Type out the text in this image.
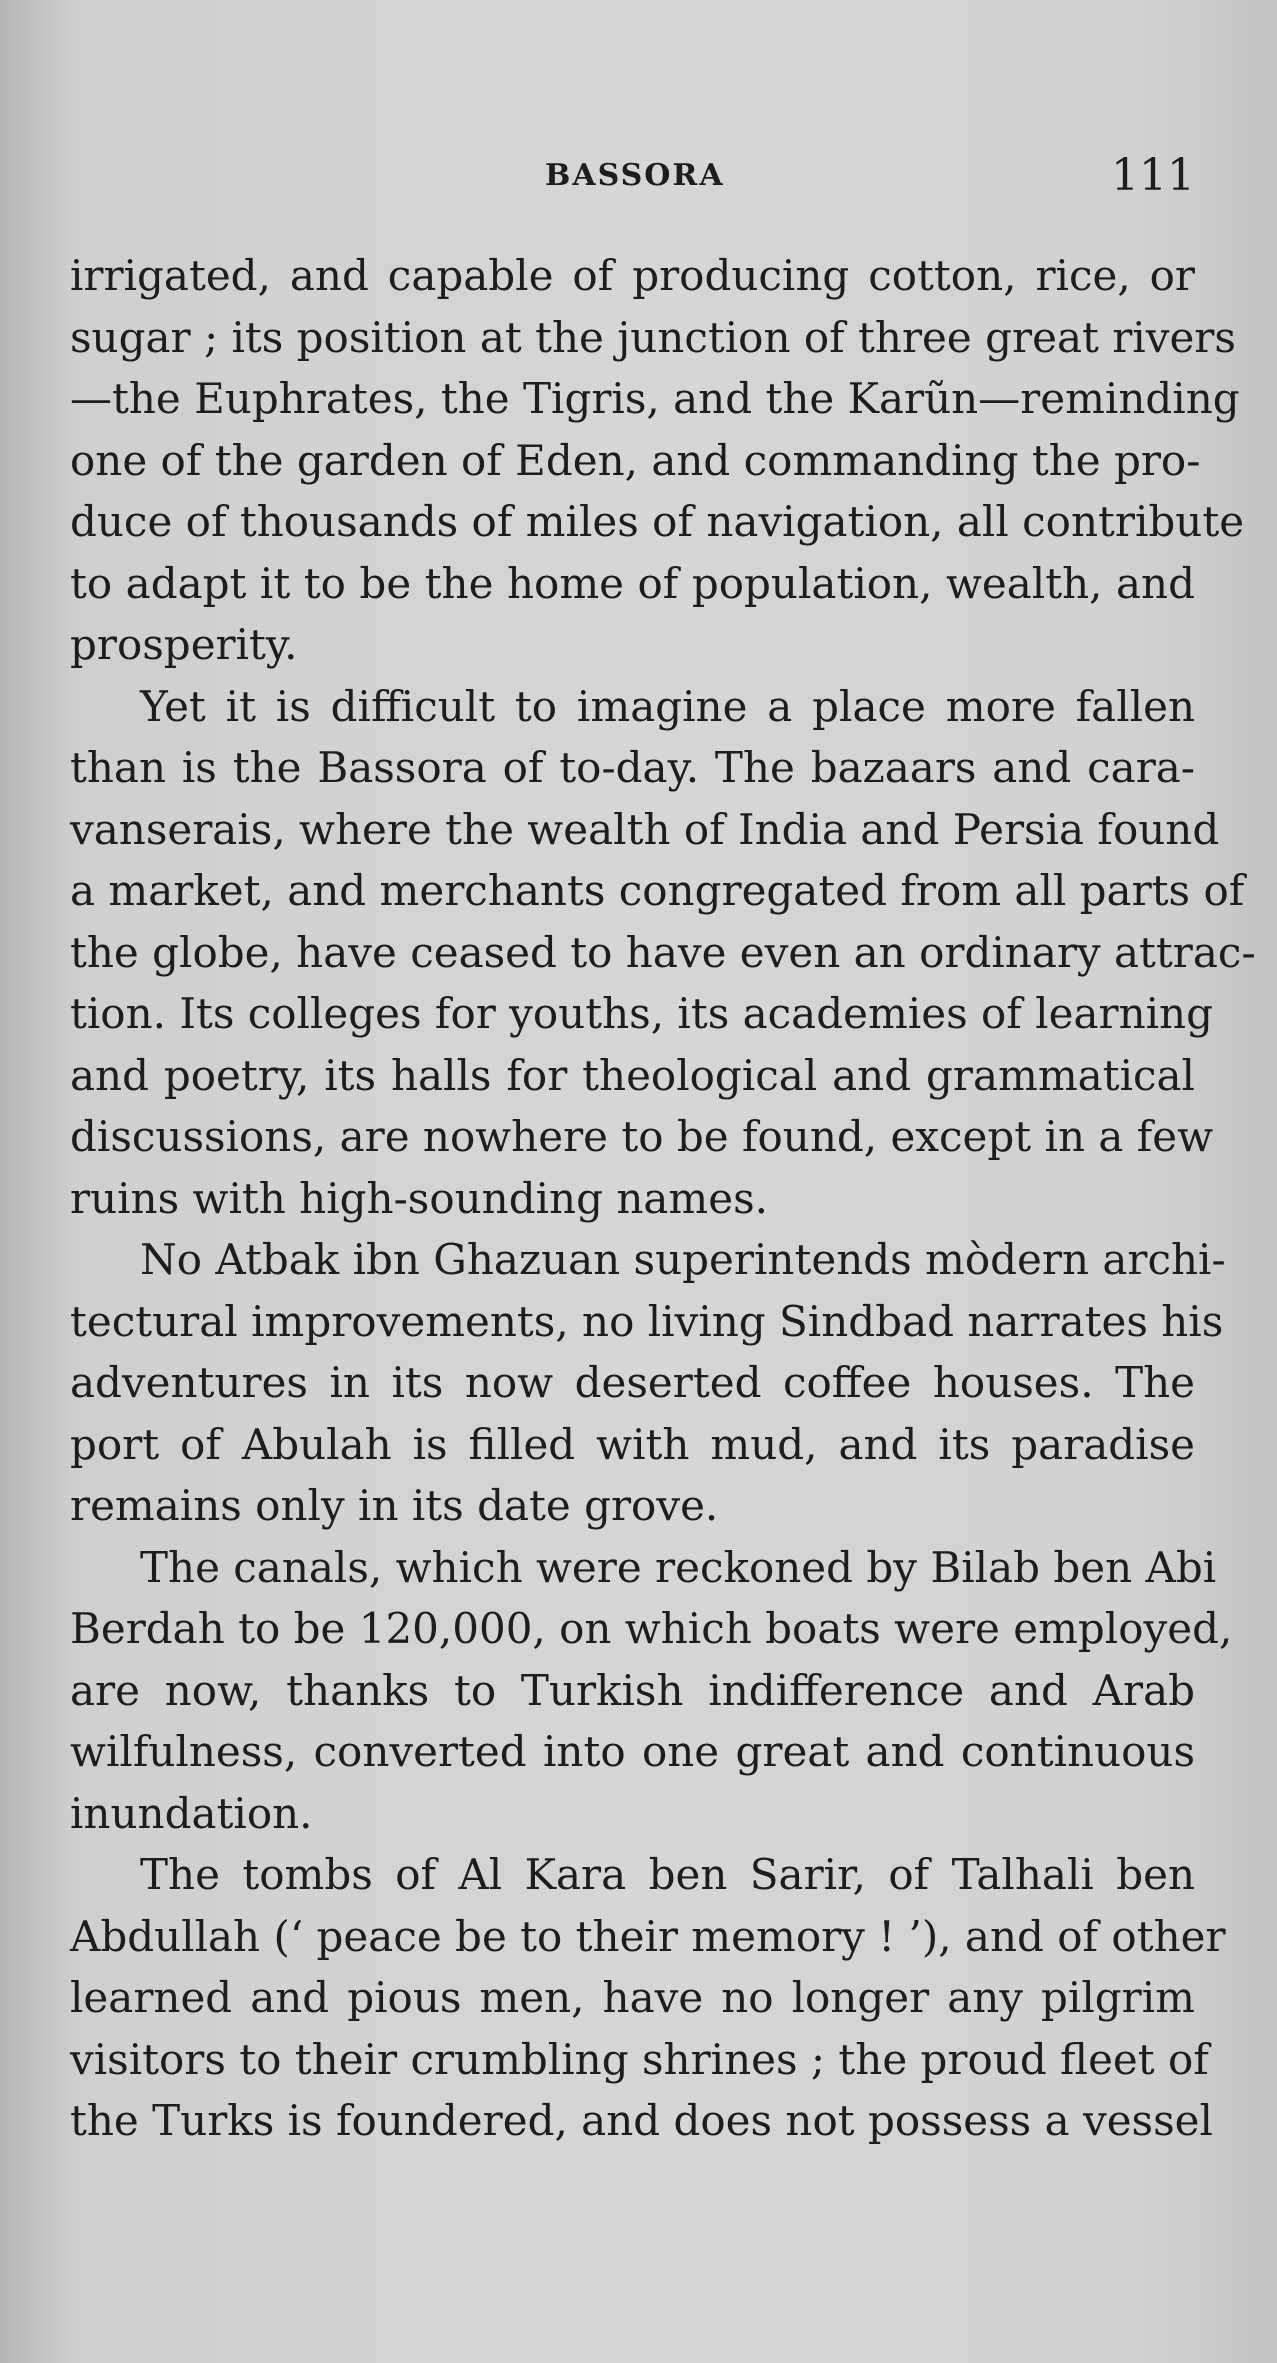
BASSORA	111

irrigated, and capable of producing cotton, rice, or
sugar ; its position at the junction of three great rivers
—the Euphrates, the Tigris, and the Karũn—reminding
one of the garden of Eden, and commanding the pro-
duce of thousands of miles of navigation, all contribute
to adapt it to be the home of population, wealth, and
prosperity.

Yet it is difficult to imagine a place more fallen
than is the Bassora of to-day. The bazaars and cara-
vanserais, where the wealth of India and Persia found
a market, and merchants congregated from all parts of
the globe, have ceased to have even an ordinary attrac-
tion. Its colleges for youths, its academies of learning
and poetry, its halls for theological and grammatical
discussions, are nowhere to be found, except in a few
ruins with high-sounding names.

No Atbak ibn Ghazuan superintends mòdern archi-
tectural improvements, no living Sindbad narrates his
adventures in its now deserted coffee houses. The
port of Abulah is filled with mud, and its paradise
remains only in its date grove.

The canals, which were reckoned by Bilab ben Abi
Berdah to be 120,000, on which boats were employed,
are now, thanks to Turkish indifference and Arab
wilfulness, converted into one great and continuous
inundation.

The tombs of Al Kara ben Sarir, of Talhali ben
Abdullah (‘ peace be to their memory ! ’), and of other
learned and pious men, have no longer any pilgrim
visitors to their crumbling shrines ; the proud fleet of
the Turks is foundered, and does not possess a vessel
